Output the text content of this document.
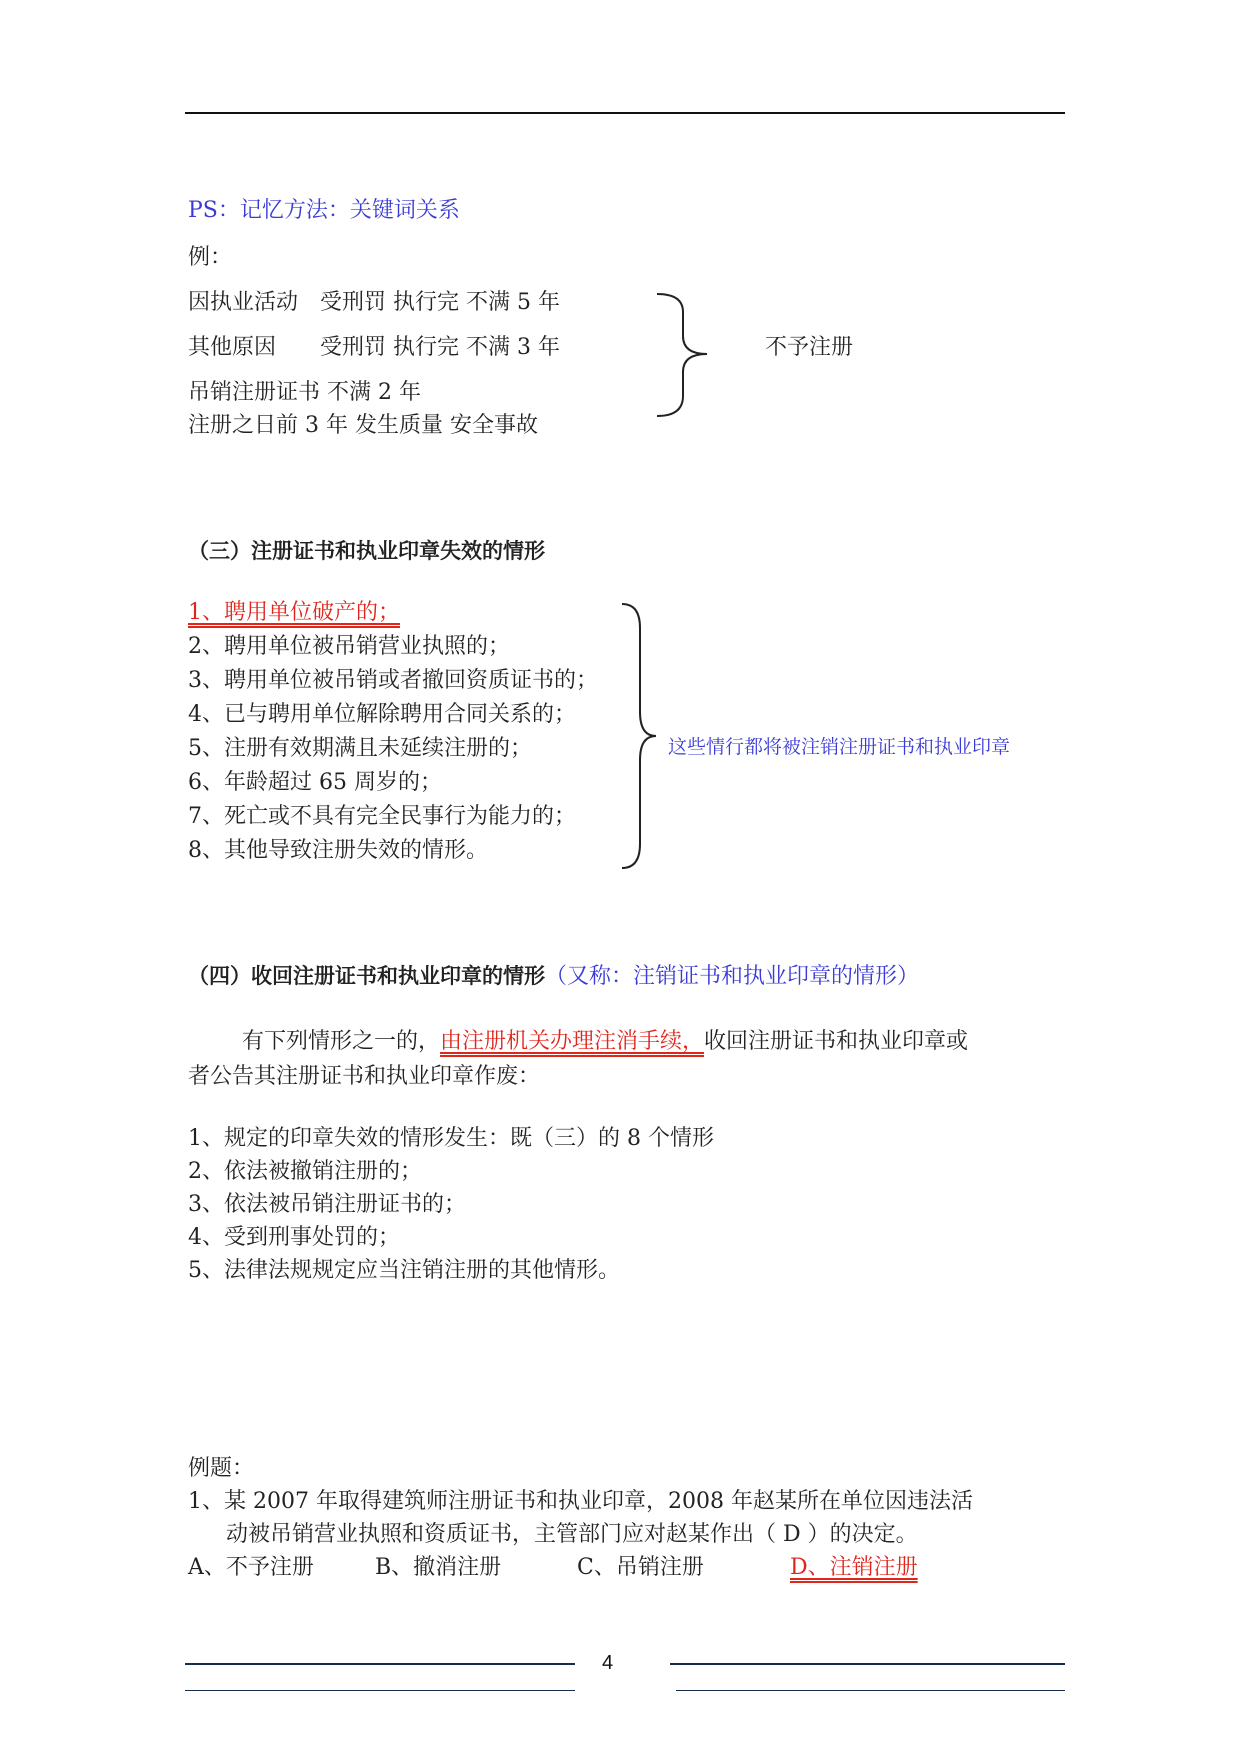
PS：记忆方法：关键词关系
例：
因执业活动　受刑罚 执行完 不满 5 年
其他原因　　受刑罚 执行完 不满 3 年
吊销注册证书 不满 2 年
注册之日前 3 年 发生质量 安全事故
不予注册
（三）注册证书和执业印章失效的情形
1、聘用单位破产的；
2、聘用单位被吊销营业执照的；
3、聘用单位被吊销或者撤回资质证书的；
4、已与聘用单位解除聘用合同关系的；
5、注册有效期满且未延续注册的；
6、年龄超过 65 周岁的；
7、死亡或不具有完全民事行为能力的；
8、其他导致注册失效的情形。
这些情行都将被注销注册证书和执业印章
（四）收回注册证书和执业印章的情形（又称：注销证书和执业印章的情形）
有下列情形之一的，由注册机关办理注消手续，收回注册证书和执业印章或
者公告其注册证书和执业印章作废：
1、规定的印章失效的情形发生：既（三）的 8 个情形
2、依法被撤销注册的；
3、依法被吊销注册证书的；
4、受到刑事处罚的；
5、法律法规规定应当注销注册的其他情形。
例题：
1、某 2007 年取得建筑师注册证书和执业印章，2008 年赵某所在单位因违法活
动被吊销营业执照和资质证书，主管部门应对赵某作出（ D ）的决定。
A、不予注册	B、撤消注册	C、吊销注册	D、注销注册
4
